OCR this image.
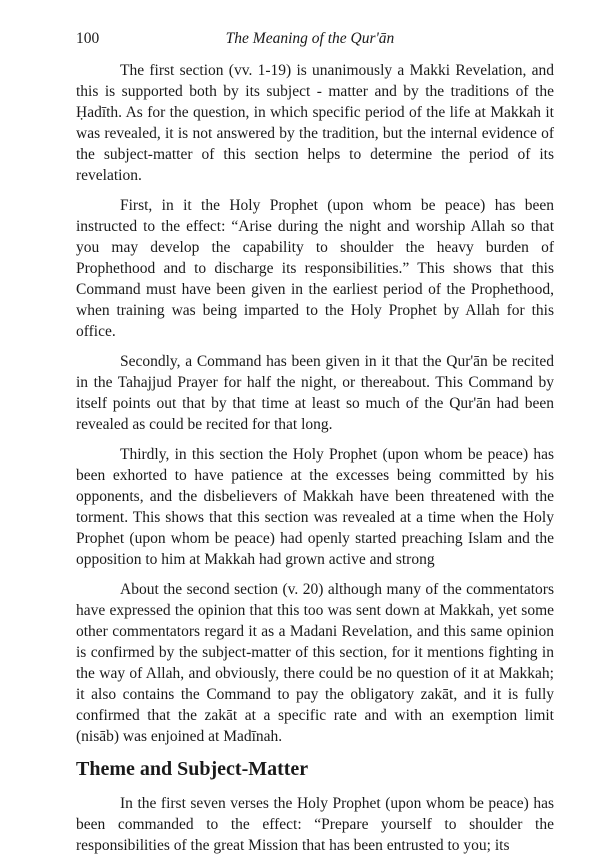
100	The Meaning of the Qur'ān

The first section (vv. 1-19) is unanimously a Makki Revelation, and this is supported both by its subject - matter and by the traditions of the Ḥadīth. As for the question, in which specific period of the life at Makkah it was revealed, it is not answered by the tradition, but the internal evidence of the subject-matter of this section helps to determine the period of its revelation.

First, in it the Holy Prophet (upon whom be peace) has been instructed to the effect: “Arise during the night and worship Allah so that you may develop the capability to shoulder the heavy burden of Prophethood and to discharge its responsibilities.” This shows that this Command must have been given in the earliest period of the Prophethood, when training was being imparted to the Holy Prophet by Allah for this office.

Secondly, a Command has been given in it that the Qur'ān be recited in the Tahajjud Prayer for half the night, or thereabout. This Command by itself points out that by that time at least so much of the Qur'ān had been revealed as could be recited for that long.

Thirdly, in this section the Holy Prophet (upon whom be peace) has been exhorted to have patience at the excesses being committed by his opponents, and the disbelievers of Makkah have been threatened with the torment. This shows that this section was revealed at a time when the Holy Prophet (upon whom be peace) had openly started preaching Islam and the opposition to him at Makkah had grown active and strong

About the second section (v. 20) although many of the commentators have expressed the opinion that this too was sent down at Makkah, yet some other commentators regard it as a Madani Revelation, and this same opinion is confirmed by the subject-matter of this section, for it mentions fighting in the way of Allah, and obviously, there could be no question of it at Makkah; it also contains the Command to pay the obligatory zakāt, and it is fully confirmed that the zakāt at a specific rate and with an exemption limit (nisāb) was enjoined at Madīnah.

Theme and Subject-Matter

In the first seven verses the Holy Prophet (upon whom be peace) has been commanded to the effect: “Prepare yourself to shoulder the responsibilities of the great Mission that has been entrusted to you; its
